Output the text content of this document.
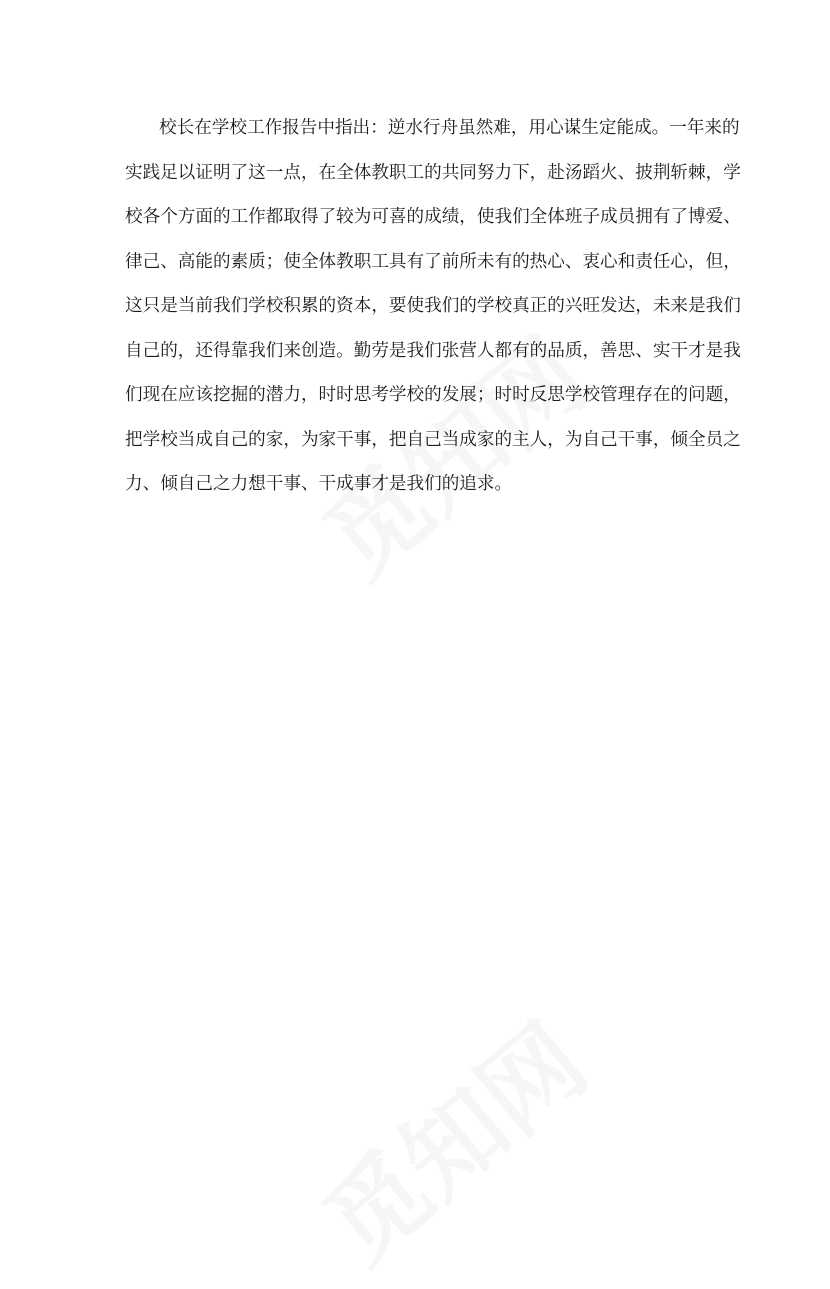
校长在学校工作报告中指出：逆水行舟虽然难，用心谋生定能成。一年来的
实践足以证明了这一点，在全体教职工的共同努力下，赴汤蹈火、披荆斩棘，学
校各个方面的工作都取得了较为可喜的成绩，使我们全体班子成员拥有了博爱、
律己、高能的素质；使全体教职工具有了前所未有的热心、衷心和责任心，但，
这只是当前我们学校积累的资本，要使我们的学校真正的兴旺发达，未来是我们
自己的，还得靠我们来创造。勤劳是我们张营人都有的品质，善思、实干才是我
们现在应该挖掘的潜力，时时思考学校的发展；时时反思学校管理存在的问题，
把学校当成自己的家，为家干事，把自己当成家的主人，为自己干事，倾全员之
力、倾自己之力想干事、干成事才是我们的追求。
